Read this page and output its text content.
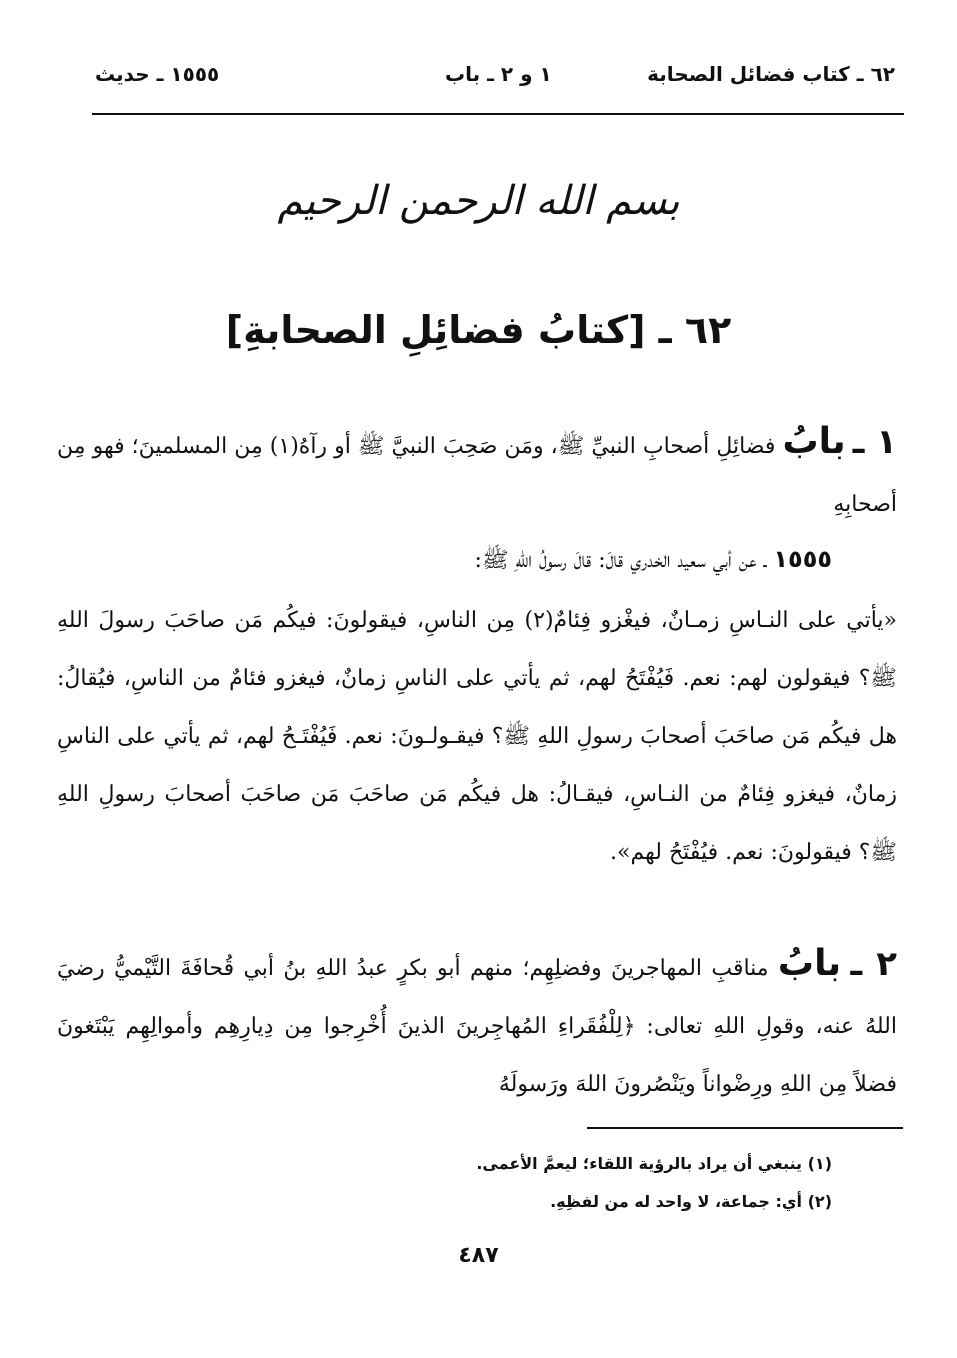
٦٢ ـ كتاب فضائل الصحابة
١ و ٢ ـ باب
١٥٥٥ ـ حديث
بسم الله الرحمن الرحيم
٦٢ ـ [كتابُ فضائِلِ الصحابةِ]
١ ـ بابُ فضائِلِ أصحابِ النبيِّ ﷺ، ومَن صَحِبَ النبيَّ ﷺ أو رآهُ(١) مِن المسلمينَ؛ فهو مِن أصحابِهِ
١٥٥٥ ـ عن أبي سعيد الخدري قالَ: قالَ رسولُ اللهِ ﷺ:
«يأتي على النـاسِ زمـانٌ، فيغْزو فِئامٌ(٢) مِن الناسِ، فيقولونَ: فيكُم مَن صاحَبَ رسولَ اللهِ ﷺ؟ فيقولون لهم: نعم. فَيُفْتَحُ لهم، ثم يأتي على الناسِ زمانٌ، فيغزو فئامٌ من الناسِ، فيُقالُ: هل فيكُم مَن صاحَبَ أصحابَ رسولِ اللهِ ﷺ؟ فيقـولـونَ: نعم. فَيُفْتَـحُ لهم، ثم يأتي على الناسِ زمانٌ، فيغزو فِئامٌ من النـاسِ، فيقـالُ: هل فيكُم مَن صاحَبَ مَن صاحَبَ أصحابَ رسولِ اللهِ ﷺ؟ فيقولونَ: نعم. فيُفْتَحُ لهم».
٢ ـ بابُ مناقبِ المهاجرينَ وفضلِهِم؛ منهم أبو بكرٍ عبدُ اللهِ بنُ أبي قُحافَةَ التَّيْميُّ رضيَ اللهُ عنه، وقولِ اللهِ تعالى: ﴿لِلْفُقَراءِ المُهاجِرينَ الذينَ أُخْرِجوا مِن دِيارِهِم وأموالِهِم يَبْتَغونَ فضلاً مِن اللهِ ورِضْواناً ويَنْصُرونَ اللهَ ورَسولَهُ
(١) ينبغي أن يراد بالرؤية اللقاء؛ ليعمَّ الأعمى.
(٢) أي: جماعة، لا واحد له من لفظِهِ.
٤٨٧
